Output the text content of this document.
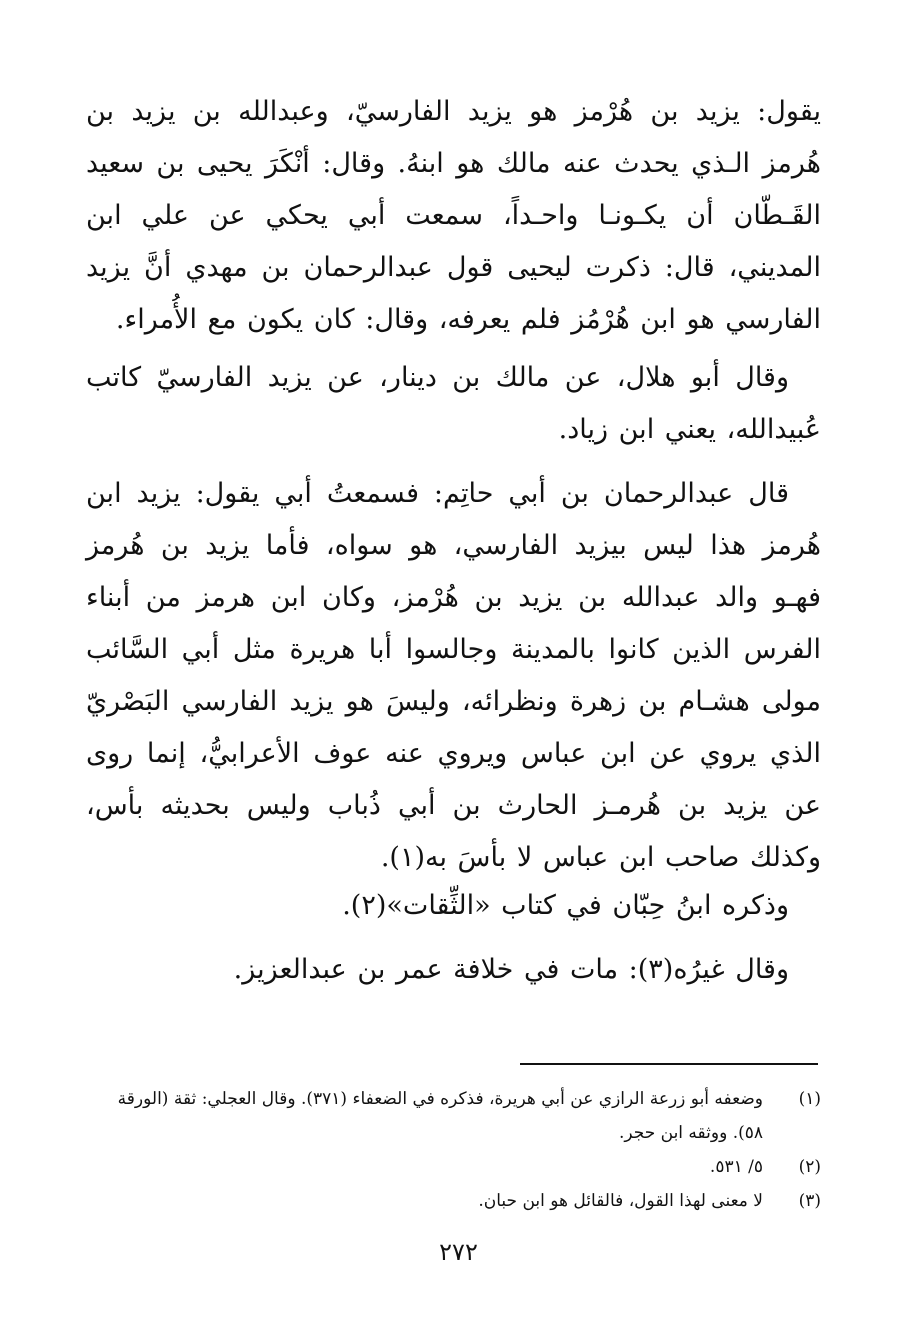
يقول: يزيد بن هُرْمز هو يزيد الفارسيّ، وعبدالله بن يزيد بن هُرمز الـذي يحدث عنه مالك هو ابنهُ. وقال: أنْكَرَ يحيى بن سعيد القَـطّان أن يكـونـا واحـداً، سمعت أبي يحكي عن علي ابن المديني، قال: ذكرت ليحيى قول عبدالرحمان بن مهدي أنَّ يزيد الفارسي هو ابن هُرْمُز فلم يعرفه، وقال: كان يكون مع الأُمراء.

وقال أبو هلال، عن مالك بن دينار، عن يزيد الفارسيّ كاتب عُبيدالله، يعني ابن زياد.

قال عبدالرحمان بن أبي حاتِم: فسمعتُ أبي يقول: يزيد ابن هُرمز هذا ليس بيزيد الفارسي، هو سواه، فأما يزيد بن هُرمز فهـو والد عبدالله بن يزيد بن هُرْمز، وكان ابن هرمز من أبناء الفرس الذين كانوا بالمدينة وجالسوا أبا هريرة مثل أبي السَّائب مولى هشـام بن زهرة ونظرائه، وليسَ هو يزيد الفارسي البَصْريّ الذي يروي عن ابن عباس ويروي عنه عوف الأعرابيُّ، إنما روى عن يزيد بن هُرمـز الحارث بن أبي ذُباب وليس بحديثه بأس، وكذلك صاحب ابن عباس لا بأسَ به(١).

وذكره ابنُ حِبّان في كتاب «الثِّقات»(٢).

وقال غيرُه(٣): مات في خلافة عمر بن عبدالعزيز.

(١)
وضعفه أبو زرعة الرازي عن أبي هريرة، فذكره في الضعفاء (٣٧١). وقال العجلي: ثقة (الورقة ٥٨). ووثقه ابن حجر.
(٢)
٥/ ٥٣١.
(٣)
لا معنى لهذا القول، فالقائل هو ابن حبان.
٢٧٢
